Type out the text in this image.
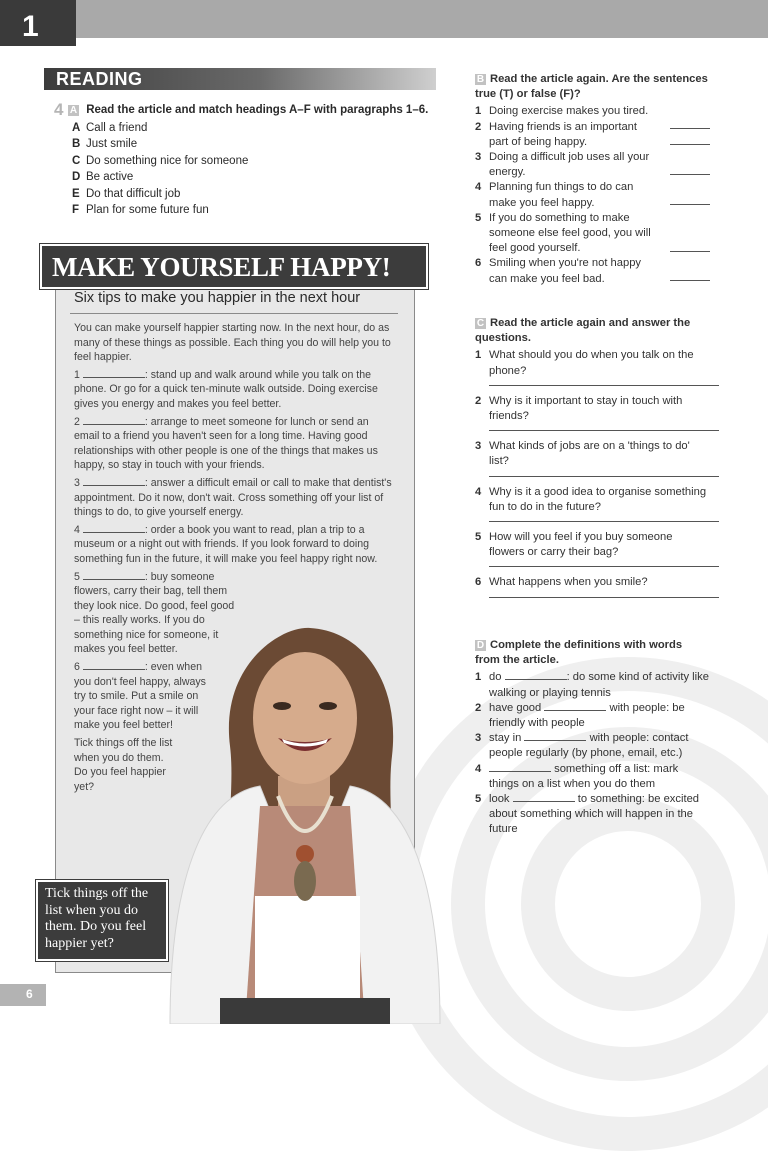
1
READING
4 A Read the article and match headings A–F with paragraphs 1–6.
A Call a friend
B Just smile
C Do something nice for someone
D Be active
E Do that difficult job
F Plan for some future fun
MAKE YOURSELF HAPPY!
Six tips to make you happier in the next hour

You can make yourself happier starting now. In the next hour, do as many of these things as possible. Each thing you do will help you to feel happier.

1	: stand up and walk around while you talk on the phone. Or go for a quick ten-minute walk outside. Doing exercise gives you energy and makes you feel better.

2	: arrange to meet someone for lunch or send an email to a friend you haven't seen for a long time. Having good relationships with other people is one of the things that makes us happy, so stay in touch with your friends.

3	: answer a difficult email or call to make that dentist's appointment. Do it now, don't wait. Cross something off your list of things to do, to give yourself energy.

4	: order a book you want to read, plan a trip to a museum or a night out with friends. If you look forward to doing something fun in the future, it will make you feel happy right now.

5	: buy someone flowers, carry their bag, tell them they look nice. Do good, feel good – this really works. If you do something nice for someone, it makes you feel better.

6	: even when you don't feel happy, always try to smile. Put a smile on your face right now – it will make you feel better!

Tick things off the list when you do them. Do you feel happier yet?

Tick things off the list when you do them. Do you feel happier yet?
6
B Read the article again. Are the sentences true (T) or false (F)?
1 Doing exercise makes you tired.
2 Having friends is an important part of being happy.
3 Doing a difficult job uses all your energy.
4 Planning fun things to do can make you feel happy.
5 If you do something to make someone else feel good, you will feel good yourself.
6 Smiling when you're not happy can make you feel bad.
C Read the article again and answer the questions.
1 What should you do when you talk on the phone?
2 Why is it important to stay in touch with friends?
3 What kinds of jobs are on a 'things to do' list?
4 Why is it a good idea to organise something fun to do in the future?
5 How will you feel if you buy someone flowers or carry their bag?
6 What happens when you smile?
D Complete the definitions with words from the article.
1 do	: do some kind of activity like walking or playing tennis
2 have good	with people: be friendly with people
3 stay in	with people: contact people regularly (by phone, email, etc.)
4	something off a list: mark things on a list when you do them
5 look	to something: be excited about something which will happen in the future
